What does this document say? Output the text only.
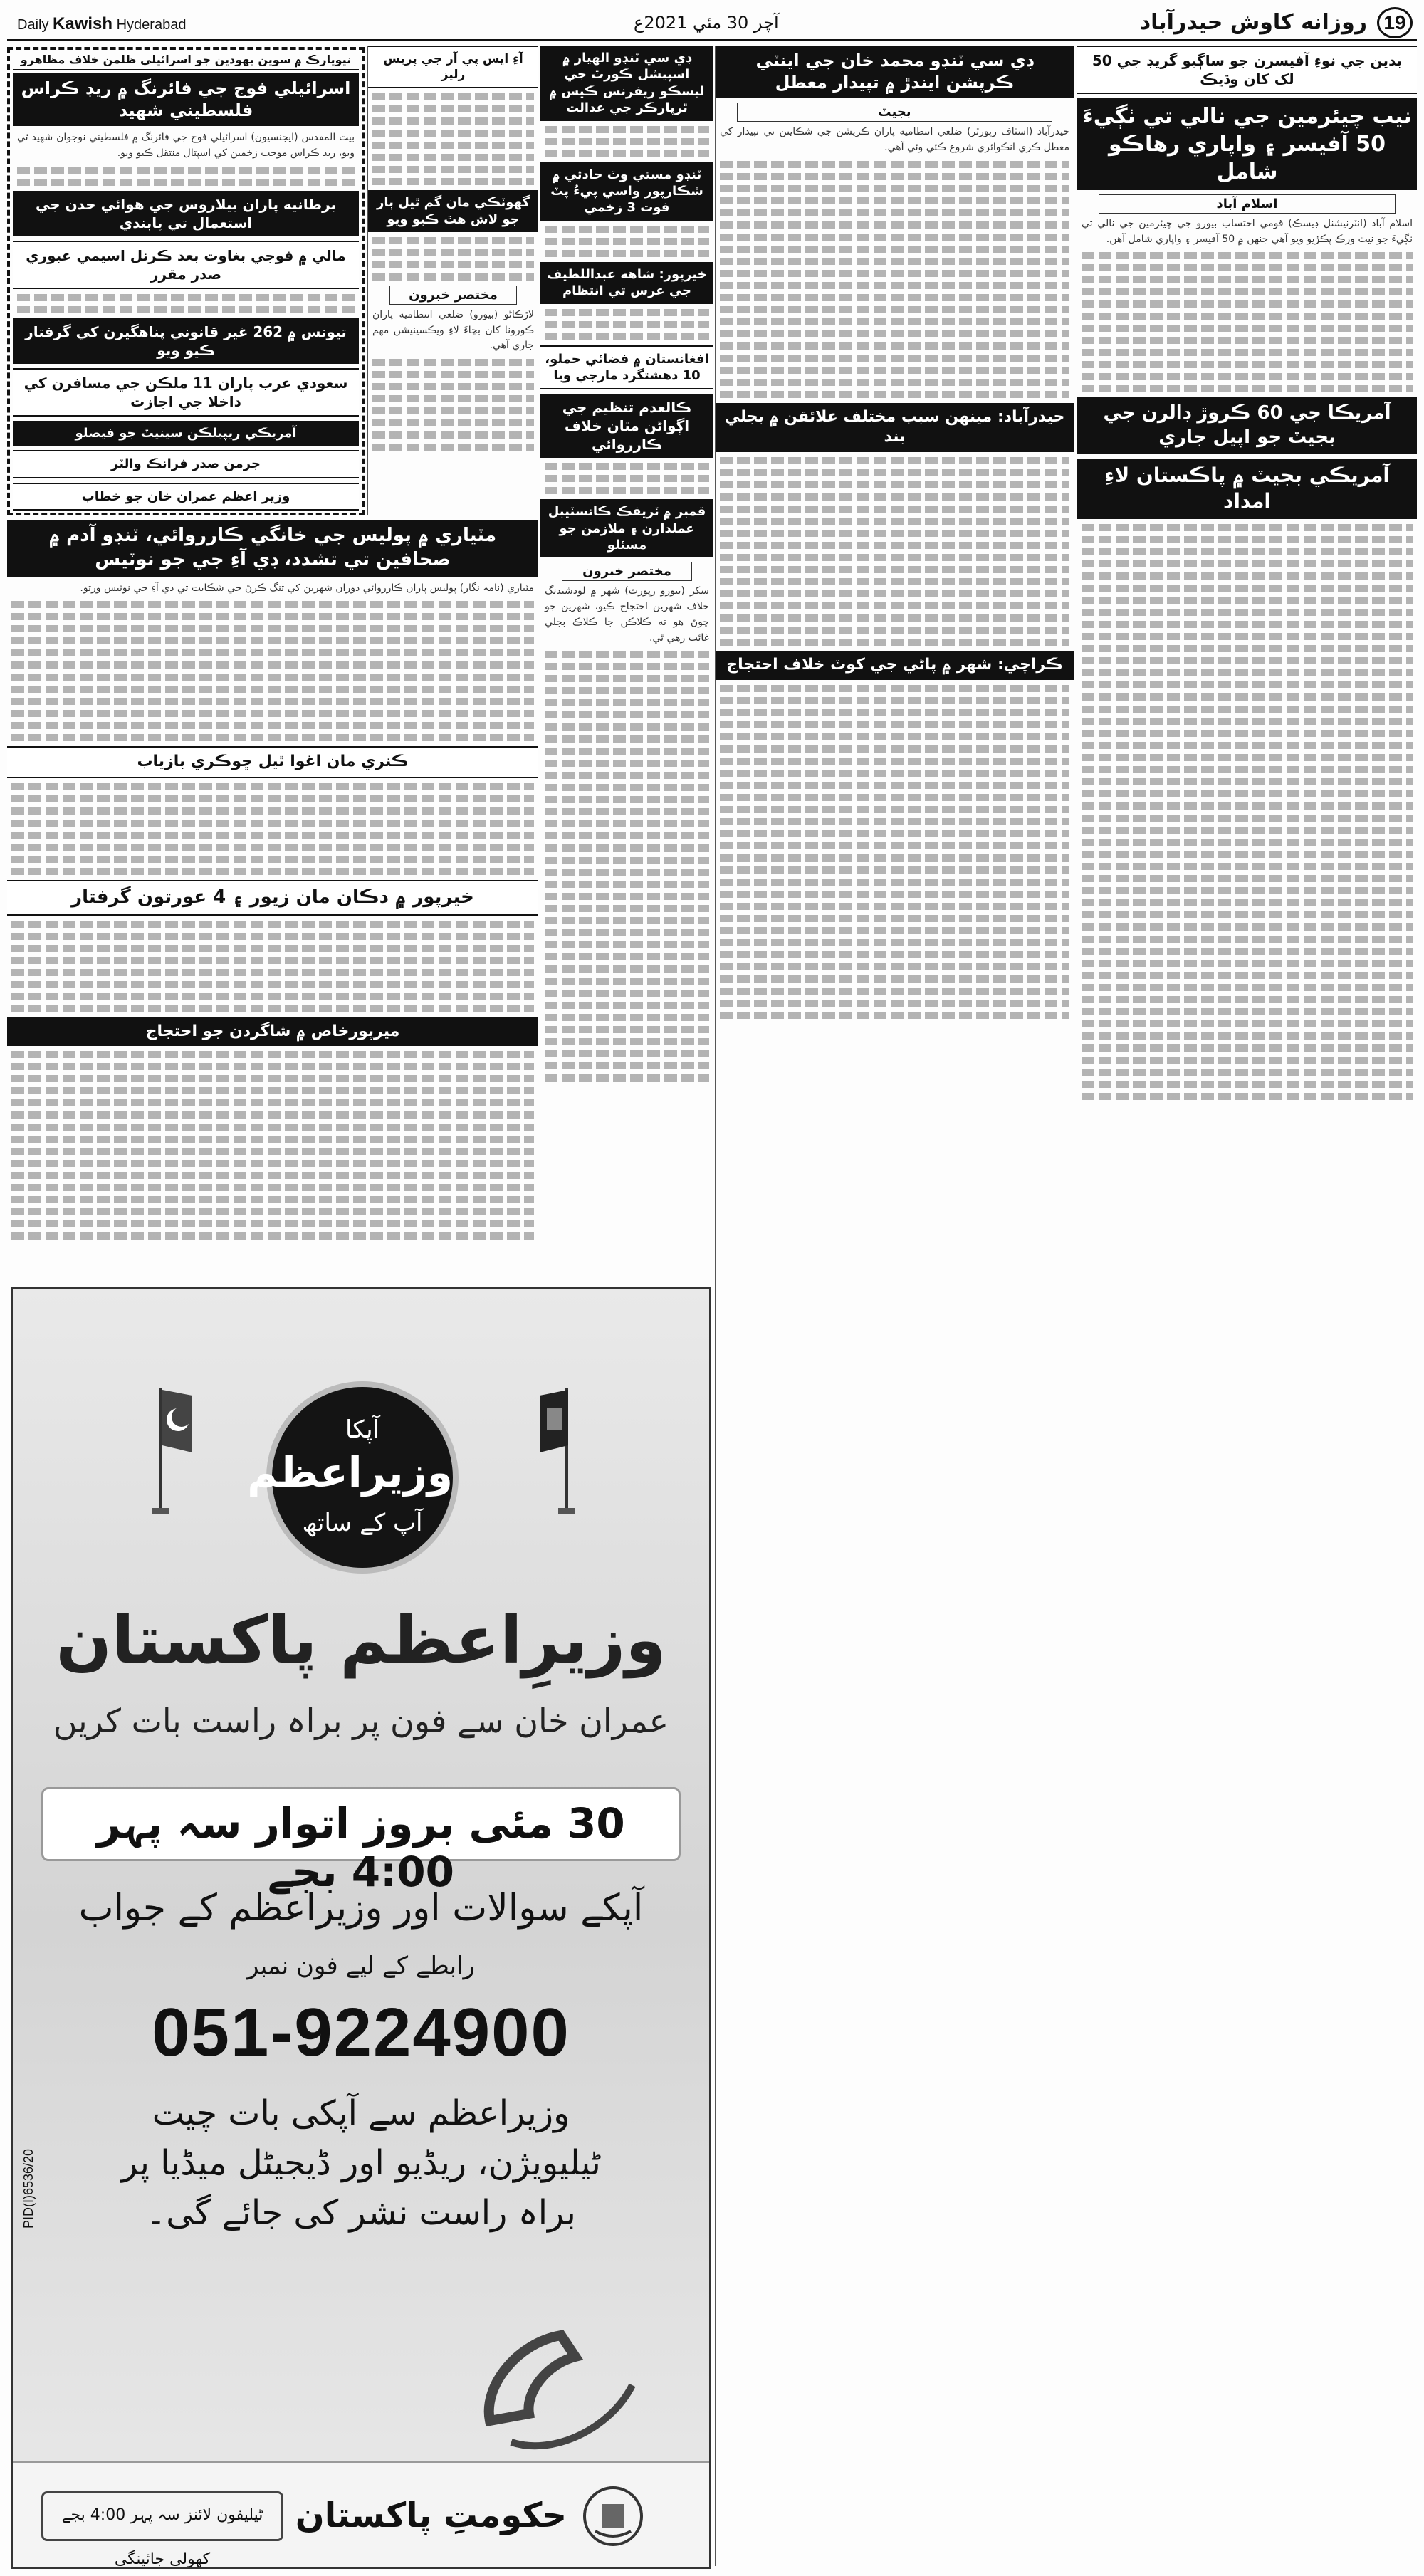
Daily Kawish Hyderabad	آچر 30 مئي 2021ع	روزانه كاوش حيدرآباد 19
بدين جي نوءِ آفيسرن جو ساڳيو گريڊ جي 50 لک کان وڌيڪ
نيب چيئرمين جي نالي تي ٺڳيءَ 50 آفيسر ۽ واپاري رهاڪو شامل
اسلام آباد
اسلام آباد (انٽرنيشنل ڊيسڪ) قومي احتساب بيورو جي چيئرمين جي نالي تي ٺڳيءَ جو نيٽ ورڪ پڪڙيو ويو آهي جنهن ۾ 50 آفيسر ۽ واپاري شامل آهن.
آمريڪا جي 60 ڪروڙ ڊالرن جي بجيٽ جو اپيل جاري
آمريڪي بجيٽ ۾ پاڪستان لاءِ امداد
ڊي سي ٽنڊو محمد خان جي اينٽي ڪرپشن ايندڙ ۾ تپيدار معطل
بجيٽ
حيدرآباد (اسٽاف رپورٽر) ضلعي انتظاميه پاران ڪرپشن جي شڪايتن تي تپيدار کي معطل ڪري انڪوائري شروع ڪئي وئي آهي.
حيدرآباد: مينهن سبب مختلف علائقن ۾ بجلي بند
ڪراچي: شهر ۾ پاڻي جي کوٽ خلاف احتجاج
ڊي سي ٽنڊو الهيار ۾ اسپيشل ڪورٽ جي ليسڪو ريفرنس ڪيس ۾ ٿرپارڪر جي عدالت
ٽنڊو مستي وٽ حادثي ۾ شڪارپور واسي پيءُ پٽ فوت 3 زخمي
خيرپور: شاهه عبداللطيف جي عرس تي انتظام
افغانستان ۾ فضائي حملو، 10 دهشتگرد مارجي ويا
ڪالعدم تنظيم جي اڳواڻن مٿان خلاف ڪارروائي
قمبر ۾ ٽريفڪ ڪانسٽيبل عملدارن ۽ ملازمن جو مسئلو
مختصر خبرون
سکر (بيورو رپورٽ) شهر ۾ لوڊشيڊنگ خلاف شهرين احتجاج ڪيو، شهرين جو چوڻ هو ته ڪلاڪن جا ڪلاڪ بجلي غائب رهي ٿي.
آءِ ايس پي آر جي پريس رليز
گهوٽڪي مان گم ٿيل ٻار جو لاش هٿ ڪيو ويو
مختصر خبرون
لاڙڪاڻو (بيورو) ضلعي انتظاميه پاران ڪورونا کان بچاءَ لاءِ ويڪسينيشن مهم جاري آهي.
نيويارڪ ۾ سوين يهودين جو اسرائيلي ظلمن خلاف مظاهرو
اسرائيلي فوج جي فائرنگ ۾ ريڊ ڪراس فلسطيني شهيد
بيت المقدس (ايجنسيون) اسرائيلي فوج جي فائرنگ ۾ فلسطيني نوجوان شهيد ٿي ويو، ريڊ ڪراس موجب زخمين کي اسپتال منتقل ڪيو ويو.
برطانيه پاران بيلاروس جي هوائي حدن جي استعمال تي پابندي
مالي ۾ فوجي بغاوت بعد ڪرنل اسيمي عبوري صدر مقرر
تيونس ۾ 262 غير قانوني پناهگيرن کي گرفتار ڪيو ويو
سعودي عرب پاران 11 ملڪن جي مسافرن کي داخلا جي اجازت
آمريڪي ريپبلڪن سينيٽ جو فيصلو
جرمن صدر فرانڪ والٽر
وزير اعظم عمران خان جو خطاب
مٽياري ۾ پوليس جي خانگي ڪارروائي، ٽنڊو آدم ۾ صحافين تي تشدد، ڊي آءِ جي جو نوٽيس
مٽياري (نامہ نگار) پوليس پاران ڪارروائي دوران شهرين کي تنگ ڪرڻ جي شڪايت تي ڊي آءِ جي نوٽيس ورتو.
ڪنري مان اغوا ٿيل ڇوڪري بازياب
خيرپور ۾ دڪان مان زيور ۽ 4 عورتون گرفتار
ميرپورخاص ۾ شاگردن جو احتجاج
آپکا
وزیراعظم
آپ کے ساتھ
وزیرِاعظم پاکستان
عمران خان سے فون پر براہ راست بات کریں
30 مئی بروز اتوار سہ پہر 4:00 بجے
آپکے سوالات اور وزیراعظم کے جواب
رابطے کے لیے فون نمبر
051-9224900
وزیراعظم سے آپکی بات چیت
ٹیلیویژن، ریڈیو اور ڈیجیٹل میڈیا پر
براہ راست نشر کی جائے گی۔
PID(I)6536/20
ٹیلیفون لائنز سہ پہر 4:00 بجے کھولی جائینگی
حکومتِ پاکستان
